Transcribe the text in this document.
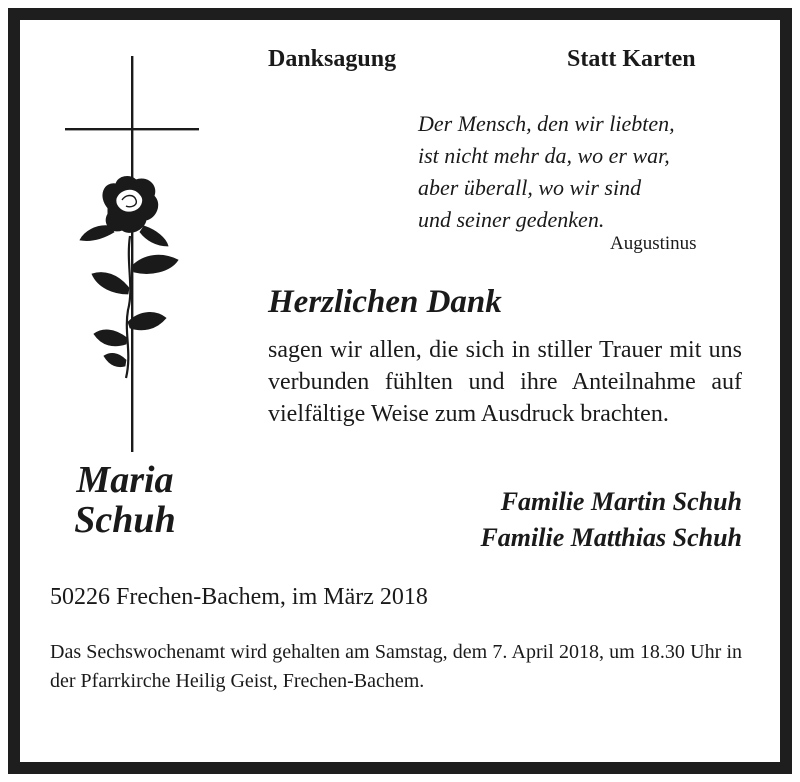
Danksagung	Statt Karten

Der Mensch, den wir liebten,
ist nicht mehr da, wo er war,
aber überall, wo wir sind
und seiner gedenken.

Augustinus

Herzlichen Dank

sagen wir allen, die sich in stiller Trauer mit uns verbunden fühlten und ihre Anteilnahme auf vielfältige Weise zum Ausdruck brachten.

Maria
Schuh	Familie Martin Schuh
Familie Matthias Schuh

50226 Frechen-Bachem, im März 2018

Das Sechswochenamt wird gehalten am Samstag, dem 7. April 2018, um 18.30 Uhr in der Pfarrkirche Heilig Geist, Frechen-Bachem.
